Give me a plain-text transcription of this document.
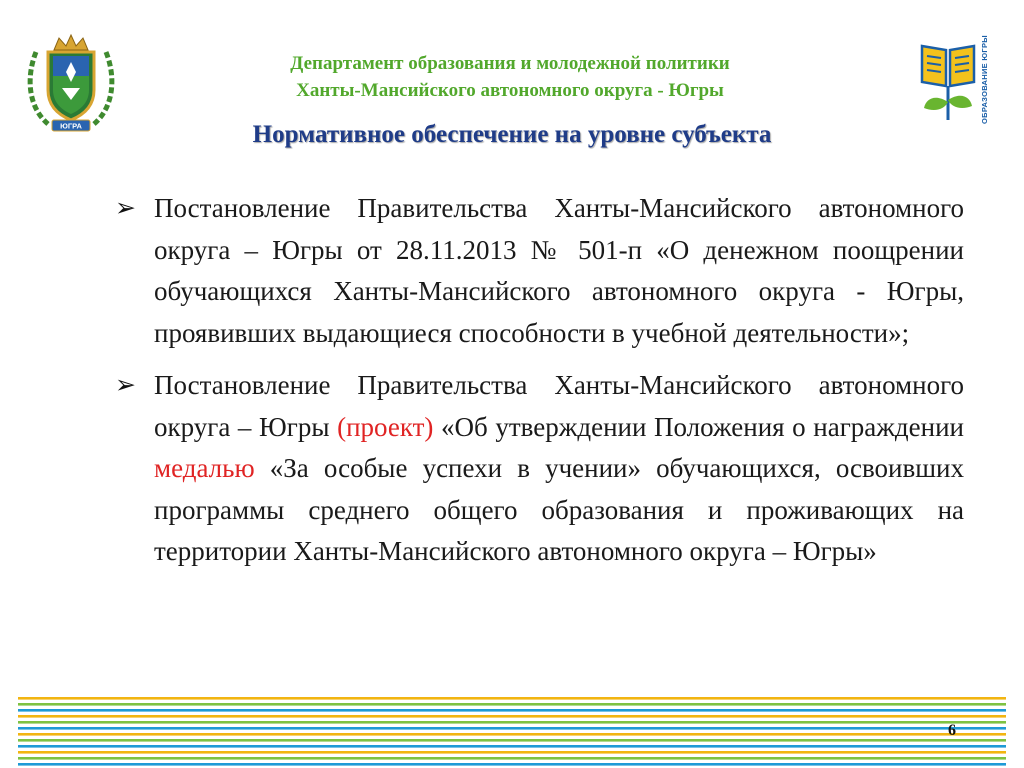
ЮГРА
Департамент образования и молодежной политики
Ханты-Мансийского автономного округа - Югры	ОБРАЗОВАНИЕ ЮГРЫ
Нормативное обеспечение на уровне субъекта
➢ Постановление Правительства Ханты-Мансийского автономного округа – Югры от 28.11.2013 № 501-п «О денежном поощрении обучающихся Ханты-Мансийского автономного округа - Югры, проявивших выдающиеся способности в учебной деятельности»;
➢ Постановление Правительства Ханты-Мансийского автономного округа – Югры (проект) «Об утверждении Положения о награждении медалью «За особые успехи в учении» обучающихся, освоивших программы среднего общего образования и проживающих на территории Ханты-Мансийского автономного округа – Югры»
6
